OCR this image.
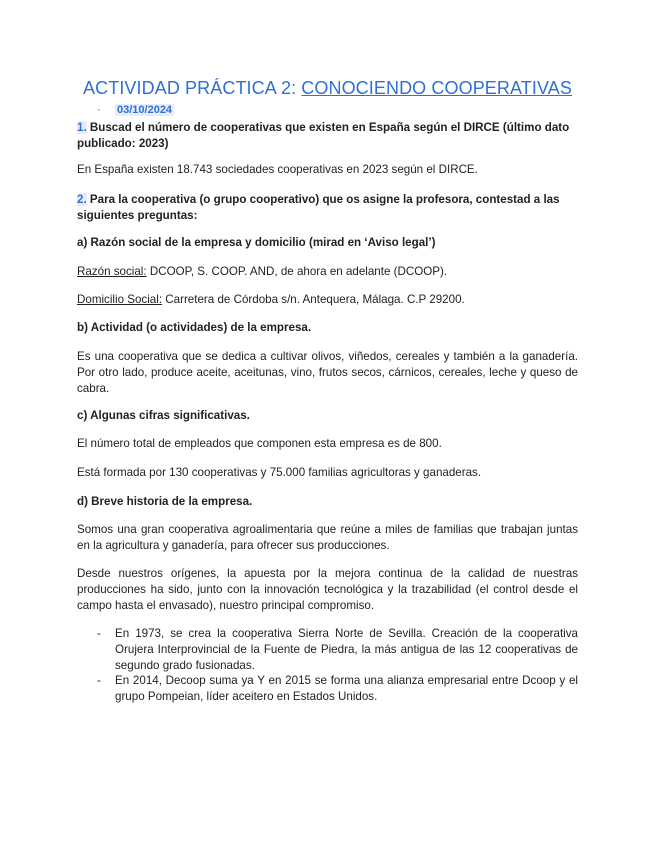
ACTIVIDAD PRÁCTICA 2: CONOCIENDO COOPERATIVAS
· 03/10/2024
1. Buscad el número de cooperativas que existen en España según el DIRCE (último dato publicado: 2023)
En España existen 18.743 sociedades cooperativas en 2023 según el DIRCE.
2. Para la cooperativa (o grupo cooperativo) que os asigne la profesora, contestad a las siguientes preguntas:
a) Razón social de la empresa y domicilio (mirad en ‘Aviso legal’)
Razón social: DCOOP, S. COOP. AND, de ahora en adelante (DCOOP).
Domicilio Social: Carretera de Córdoba s/n. Antequera, Málaga. C.P 29200.
b) Actividad (o actividades) de la empresa.
Es una cooperativa que se dedica a cultivar olivos, viñedos, cereales y también a la ganadería. Por otro lado, produce aceite, aceitunas, vino, frutos secos, cárnicos, cereales, leche y queso de cabra.
c) Algunas cifras significativas.
El número total de empleados que componen esta empresa es de 800.
Está formada por 130 cooperativas y 75.000 familias agricultoras y ganaderas.
d) Breve historia de la empresa.
Somos una gran cooperativa agroalimentaria que reúne a miles de familias que trabajan juntas en la agricultura y ganadería, para ofrecer sus producciones.
Desde nuestros orígenes, la apuesta por la mejora continua de la calidad de nuestras producciones ha sido, junto con la innovación tecnológica y la trazabilidad (el control desde el campo hasta el envasado), nuestro principal compromiso.
-	En 1973, se crea la cooperativa Sierra Norte de Sevilla. Creación de la cooperativa Orujera Interprovincial de la Fuente de Piedra, la más antigua de las 12 cooperativas de segundo grado fusionadas.
-	En 2014, Decoop suma ya Y en 2015 se forma una alianza empresarial entre Dcoop y el grupo Pompeian, líder aceitero en Estados Unidos.
